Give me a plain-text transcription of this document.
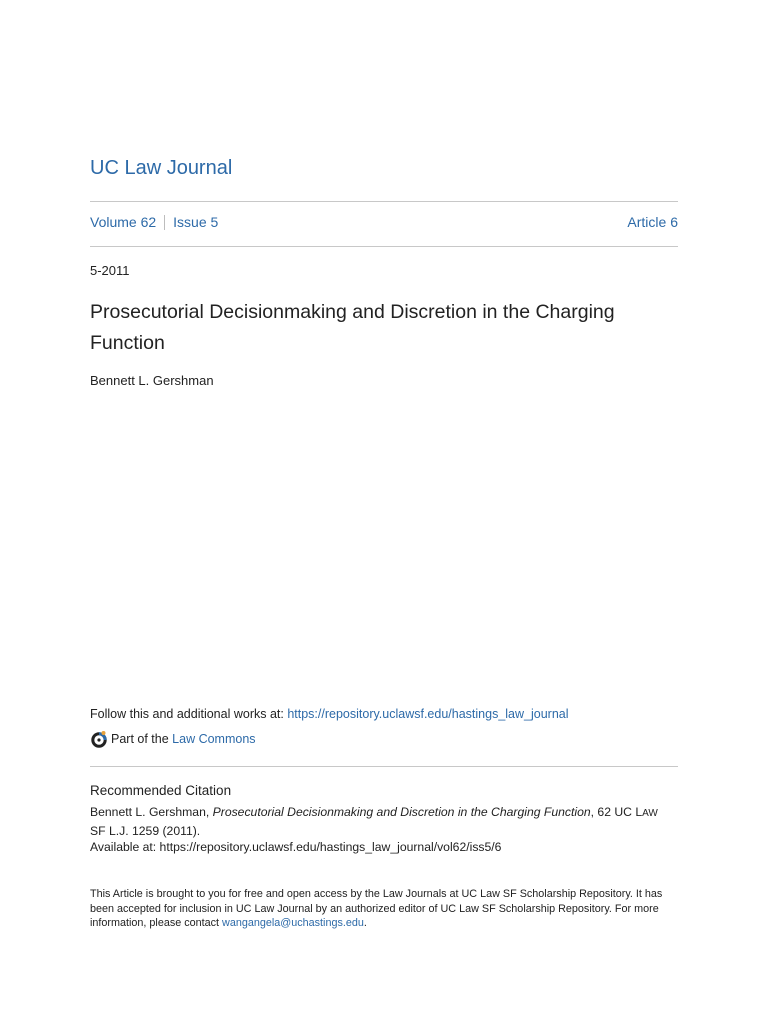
UC Law Journal
Volume 62 Issue 5	Article 6
5-2011
Prosecutorial Decisionmaking and Discretion in the Charging Function
Bennett L. Gershman
Follow this and additional works at: https://repository.uclawsf.edu/hastings_law_journal
Part of the
Law Commons
Recommended Citation
Bennett L. Gershman, Prosecutorial Decisionmaking and Discretion in the Charging Function, 62 UC LAW
SF L.J. 1259 (2011).
Available at: https://repository.uclawsf.edu/hastings_law_journal/vol62/iss5/6
This Article is brought to you for free and open access by the Law Journals at UC Law SF Scholarship Repository. It has been accepted for inclusion in UC Law Journal by an authorized editor of UC Law SF Scholarship Repository. For more information, please contact wangangela@uchastings.edu.
